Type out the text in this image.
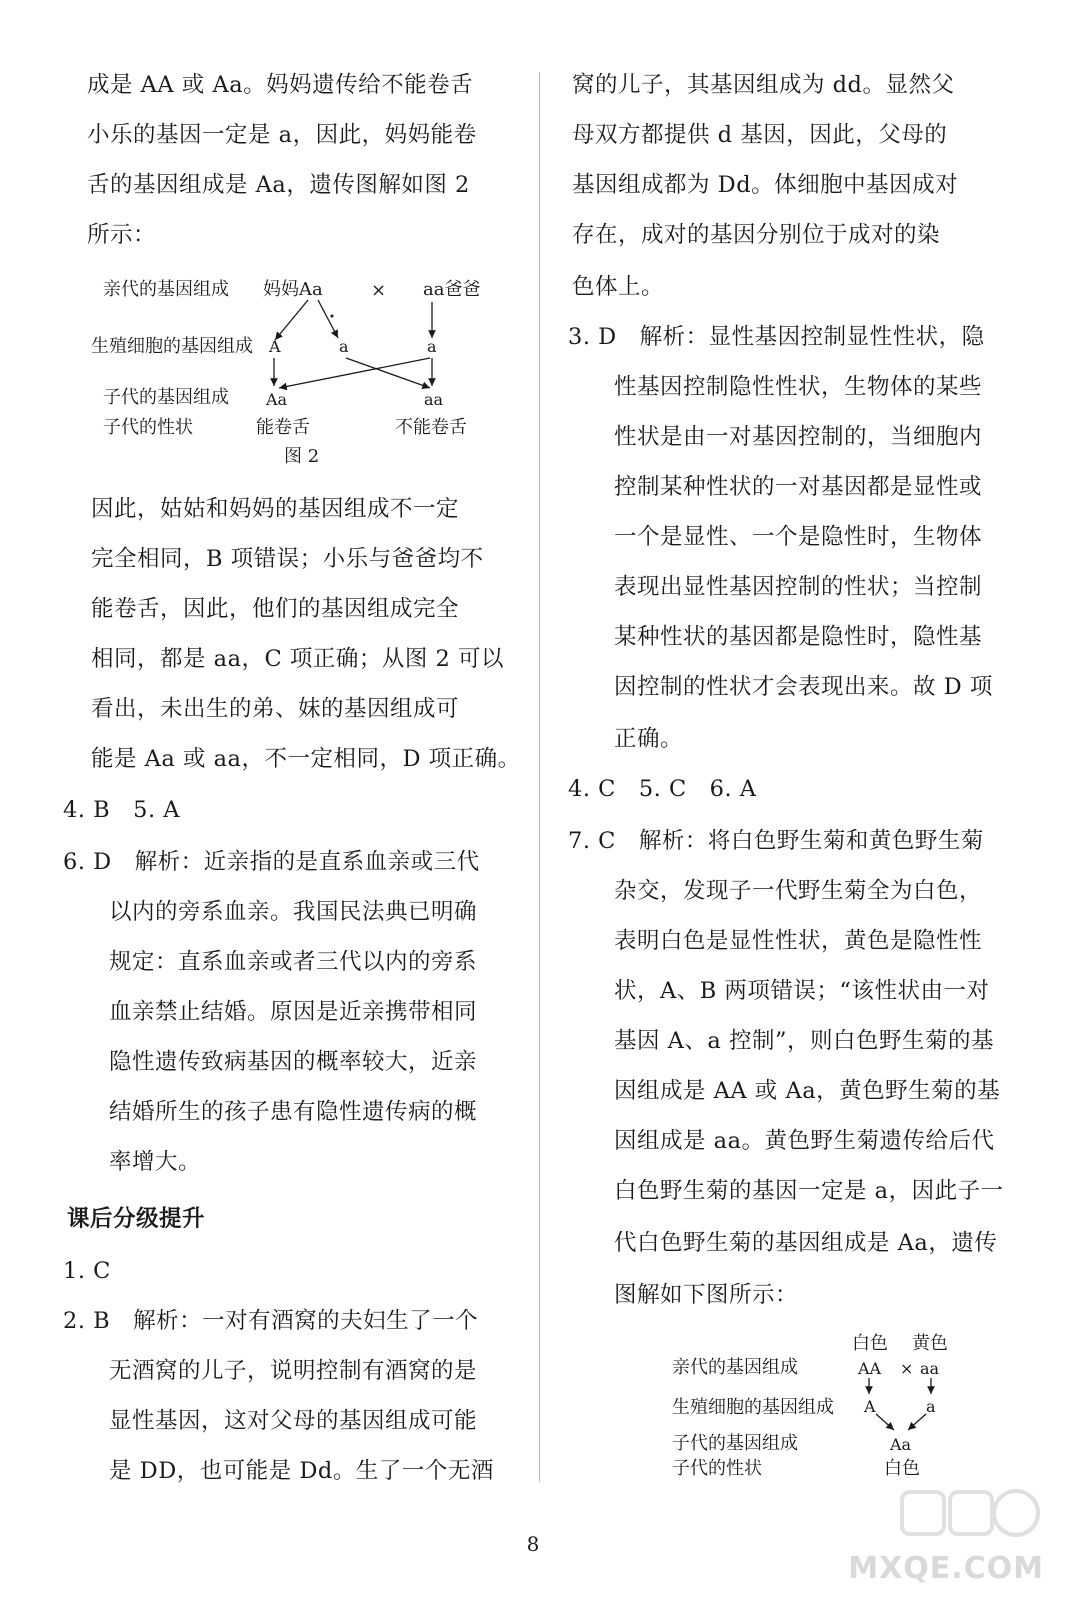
成是 AA 或 Aa。妈妈遗传给不能卷舌
小乐的基因一定是 a，因此，妈妈能卷
舌的基因组成是 Aa，遗传图解如图 2
所示：
亲代的基因组成 妈妈Aa	× aa爸爸
生殖细胞的基因组成 A	a	a
子代的基因组成 Aa	aa
子代的性状	能卷舌	不能卷舌
图 2
因此，姑姑和妈妈的基因组成不一定
完全相同，B 项错误；小乐与爸爸均不
能卷舌，因此，他们的基因组成完全
相同，都是 aa，C 项正确；从图 2 可以
看出，未出生的弟、妹的基因组成可
能是 Aa 或 aa，不一定相同，D 项正确。
4. B　5. A
6. D　解析：近亲指的是直系血亲或三代
　　以内的旁系血亲。我国民法典已明确
　　规定：直系血亲或者三代以内的旁系
　　血亲禁止结婚。原因是近亲携带相同
　　隐性遗传致病基因的概率较大，近亲
　　结婚所生的孩子患有隐性遗传病的概
　　率增大。
课后分级提升
1. C
2. B　解析：一对有酒窝的夫妇生了一个
　　无酒窝的儿子，说明控制有酒窝的是
　　显性基因，这对父母的基因组成可能
　　是 DD，也可能是 Dd。生了一个无酒
窝的儿子，其基因组成为 dd。显然父
母双方都提供 d 基因，因此，父母的
基因组成都为 Dd。体细胞中基因成对
存在，成对的基因分别位于成对的染
色体上。
3. D　解析：显性基因控制显性性状，隐
　　性基因控制隐性性状，生物体的某些
　　性状是由一对基因控制的，当细胞内
　　控制某种性状的一对基因都是显性或
　　一个是显性、一个是隐性时，生物体
　　表现出显性基因控制的性状；当控制
　　某种性状的基因都是隐性时，隐性基
　　因控制的性状才会表现出来。故 D 项
　　正确。
4. C　5. C　6. A
7. C　解析：将白色野生菊和黄色野生菊
　　杂交，发现子一代野生菊全为白色，
　　表明白色是显性性状，黄色是隐性性
　　状，A、B 两项错误；“该性状由一对
　　基因 A、a 控制”，则白色野生菊的基
　　因组成是 AA 或 Aa，黄色野生菊的基
　　因组成是 aa。黄色野生菊遗传给后代
　　白色野生菊的基因一定是 a，因此子一
　　代白色野生菊的基因组成是 Aa，遗传
　　图解如下图所示：
白色 黄色
亲代的基因组成	AA × aa
生殖细胞的基因组成 A	a
子代的基因组成	Aa
子代的性状	白色
8
MXQE.COM
